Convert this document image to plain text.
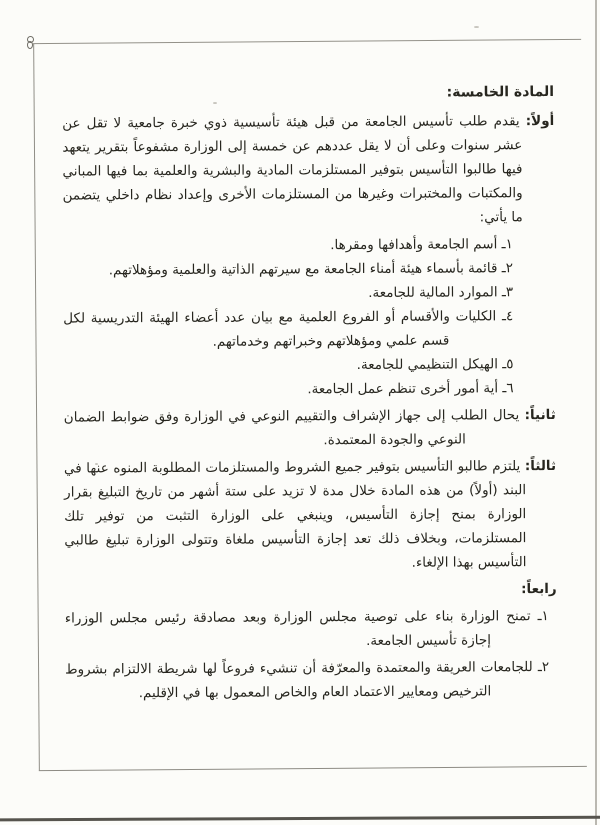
المادة الخامسة:

أولاً: يقدم طلب تأسيس الجامعة من قبل هيئة تأسيسية ذوي خبرة جامعية لا تقل عن عشر سنوات وعلى أن لا يقل عددهم عن خمسة إلى الوزارة مشفوعاً بتقرير يتعهد فيها طالبوا التأسيس بتوفير المستلزمات المادية والبشرية والعلمية بما فيها المباني والمكتبات والمختبرات وغيرها من المستلزمات الأخرى وإعداد نظام داخلي يتضمن ما يأتي:

١ـ أسم الجامعة وأهدافها ومقرها.

٢ـ قائمة بأسماء هيئة أمناء الجامعة مع سيرتهم الذاتية والعلمية ومؤهلاتهم.

٣ـ الموارد المالية للجامعة.

٤ـ الكليات والأقسام أو الفروع العلمية مع بيان عدد أعضاء الهيئة التدريسية لكل قسم علمي ومؤهلاتهم وخبراتهم وخدماتهم.

٥ـ الهيكل التنظيمي للجامعة.

٦ـ أية أمور أخرى تنظم عمل الجامعة.

ثانياً: يحال الطلب إلى جهاز الإشراف والتقييم النوعي في الوزارة وفق ضوابط الضمان النوعي والجودة المعتمدة.

ثالثاً: يلتزم طالبو التأسيس بتوفير جميع الشروط والمستلزمات المطلوبة المنوه عنها في البند (أولاً) من هذه المادة خلال مدة لا تزيد على ستة أشهر من تاريخ التبليغ بقرار الوزارة بمنح إجازة التأسيس، وينبغي على الوزارة التثبت من توفير تلك المستلزمات، وبخلاف ذلك تعد إجازة التأسيس ملغاة وتتولى الوزارة تبليغ طالبي التأسيس بهذا الإلغاء.

رابعاً:

١ـ تمنح الوزارة بناء على توصية مجلس الوزارة وبعد مصادقة رئيس مجلس الوزراء إجازة تأسيس الجامعة.

٢ـ للجامعات العريقة والمعتمدة والمعرّفة أن تنشيء فروعاً لها شريطة الالتزام بشروط الترخيص ومعايير الاعتماد العام والخاص المعمول بها في الإقليم.
